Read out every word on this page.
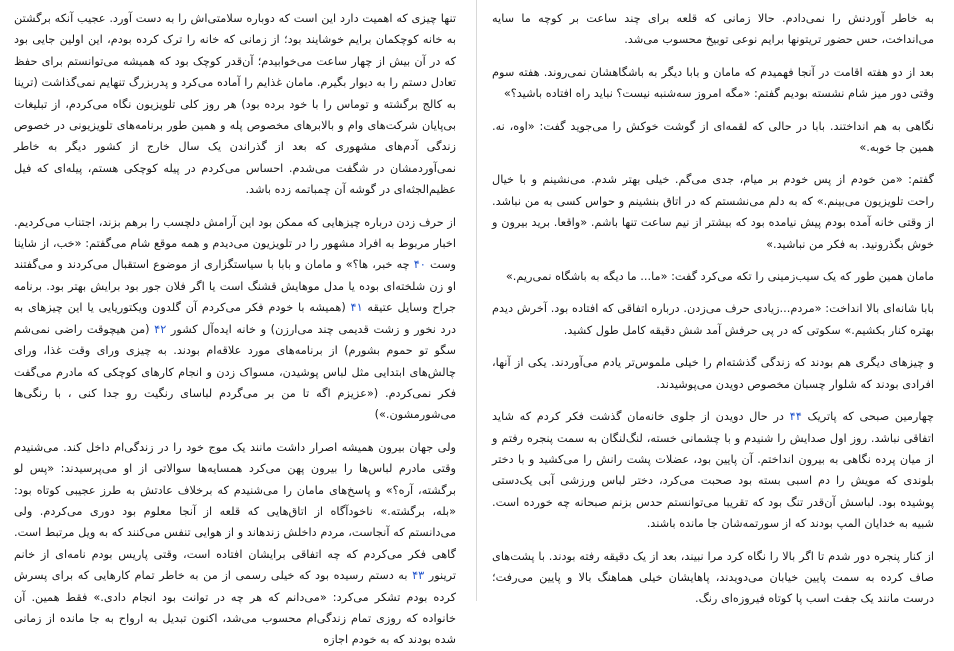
به خاطر آوردنش را نمی‌دادم. حالا زمانی که قلعه برای چند ساعت بر کوچه ما سایه می‌انداخت، حس حضور تریتونها برایم نوعی توبیخ محسوب می‌شد.

بعد از دو هفته اقامت در آنجا فهمیدم که ماما‌ن و بابا دیگر به باشگاهشان نمی‌روند. هفته سوم وقتی دور میز شام نشسته بودیم گفتم: «مگه امروز سه‌شنبه نیست؟ نباید راه افتاده باشید؟»

نگاهی به هم انداختند. بابا در حالی که لقمه‌ای از گوشت خوکش را می‌جوید گفت: «اوه، نه. همین جا خوبه.»

گفتم: «من خودم از پس خودم بر میام، جدی می‌گم. خیلی بهتر شدم. می‌نشینم و با خیال راحت تلویزیون می‌بینم.» که به دلم می‌نشستم که در اتاق بنشینم و حواس کسی به من نباشد. از وقتی خانه آمده بودم پیش نیامده بود که بیشتر از نیم ساعت تنها باشم. «واقعا. برید بیرون و خوش بگذرونید. به فکر من نباشید.»

مامان همین طور که یک سیب‌زمینی را تکه می‌کرد گفت: «ما... ما دیگه به باشگاه نمی‌ریم.»

بابا شانه‌ای بالا انداخت: «مردم...زیادی حرف می‌زدن. درباره اتفاقی که افتاده بود. آخرش دیدم بهتره کنار بکشیم.» سکوتی که در پی حرفش آمد شش دقیقه کامل طول کشید.

و چیزهای دیگری هم بودند که زندگی گذشته‌ام را خیلی ملموس‌تر یادم می‌آوردند. یکی از آنها، افرادی بودند که شلوار چسبان مخصوص دویدن می‌پوشیدند.

چهارمین صبحی که پاتریک ۴۴ در حال دویدن از جلوی خانه‌مان گذشت فکر کردم که شاید اتفاقی نباشد. روز اول صدایش را شنیدم و با چشمانی خسته، لنگ‌لنگان به سمت پنجره رفتم و از میان پرده نگاهی به بیرون انداختم. آن پایین بود، عضلات پشت رانش را می‌کشید و با دختر بلوندی که مویش را دم اسبی بسته بود صحبت می‌کرد، دختر لباس ورزشی آبی یک‌دستی پوشیده بود. لباسش آن‌قدر تنگ بود که تقریبا می‌توانستم حدس بزنم صبحانه چه خورده است. شبیه به خدایان المپ بودند که از سورتمه‌شان جا مانده باشند.

از کنار پنجره دور شدم تا اگر بالا را نگاه کرد مرا نبیند، بعد از یک دقیقه رفته بودند. با پشت‌های صاف کرده به سمت پایین خیابان می‌دویدند، پاهایشان خیلی هماهنگ بالا و پایین می‌رفت؛ درست مانند یک جفت اسب پا کوتاه فیروزه‌ای رنگ.

تنها چیزی که اهمیت دارد این است که دوباره سلامتی‌اش را به دست آورد. عجیب آنکه برگشتن به خانه کوچکمان برایم خوشایند بود؛ از زمانی که خانه را ترک کرده بودم، این اولین جایی بود که در آن بیش از چهار ساعت می‌خوابیدم؛ آن‌قدر کوچک بود که همیشه می‌توانستم برای حفظ تعادل دستم را به دیوار بگیرم. مامان غذایم را آماده می‌کرد و پدربزرگ تنهایم نمی‌گذاشت (ترینا به کالج برگشته و توماس را با خود برده بود) هر روز کلی تلویزیون نگاه می‌کردم، از تبلیغات بی‌پایان شرکت‌های وام و بالابرهای مخصوص پله و همین طور برنامه‌های تلویزیونی در خصوص زندگی آدم‌های مشهوری که بعد از گذراندن یک سال خارج از کشور دیگر به خاطر نمی‌آوردمشان در شگفت می‌شدم. احساس می‌کردم در پیله کوچکی هستم، پیله‌ای که فیل عظیم‌الجثه‌ای در گوشه آن چمباتمه زده باشد.

از حرف زدن درباره چیزهایی که ممکن بود این آرامش دلچسب را برهم بزند، اجتناب می‌کردیم. اخبار مربوط به افراد مشهور را در تلویزیون می‌دیدم و همه موقع شام می‌گفتم: «خب، از شاینا وست ۴۰ چه خبر، ها؟» و مامان و بابا با سیاستگزاری از موضوع استقبال می‌کردند و می‌گفتند او زن شلخته‌ای بوده یا مدل موهایش قشنگ است یا اگر فلان جور بود برایش بهتر بود. برنامه جراح وسایل عتیقه ۴۱ (همیشه با خودم فکر می‌کردم آن گلدون ویکتوریایی یا این چیزهای به درد نخور و زشت قدیمی چند می‌ارزن) و خانه ایده‌آل کشور ۴۲ (من هیچوقت راضی نمی‌شم سگو تو حموم بشورم) از برنامه‌های مورد علاقه‌ام بودند. به چیزی ورای وقت غذا، ورای چالش‌های ابتدایی مثل لباس پوشیدن، مسواک زدن و انجام کارهای کوچکی که مادرم می‌گفت فکر نمی‌کردم. («عزیزم اگه تا من بر می‌گردم لباسای رنگیت رو جدا کنی ، با رنگی‌ها می‌شورمشون.»)

ولی جهان بیرون همیشه اصرار داشت مانند یک موج خود را در زندگی‌ام داخل کند. می‌شنیدم وقتی مادرم لباس‌ها را بیرون پهن می‌کرد همسایه‌ها سوالاتی از او می‌پرسیدند: «پس لو برگشته، آره؟» و پاسخ‌های مامان را می‌شنیدم که برخلاف عادتش به طرز عجیبی کوتاه بود: «بله، برگشته.» ناخودآگاه از اتاق‌هایی که قلعه از آنجا معلوم بود دوری می‌کردم. ولی می‌دانستم که آنجاست، مردم داخلش زندهاند و از هوایی تنفس می‌کنند که به ویل مرتبط است. گاهی فکر می‌کردم که چه اتفاقی برایشان افتاده است، وقتی پاریس بودم نامه‌ای از خانم ترینور ۴۳ به دستم رسیده بود که خیلی رسمی از من به خاطر تمام کارهایی که برای پسرش کرده بودم تشکر می‌کرد: «می‌دانم که هر چه در توانت بود انجام دادی.» فقط همین. آن خانواده که روزی تمام زندگی‌ام محسوب می‌شد، اکنون تبدیل به ارواح به جا مانده از زمانی شده بودند که به خودم اجازه
